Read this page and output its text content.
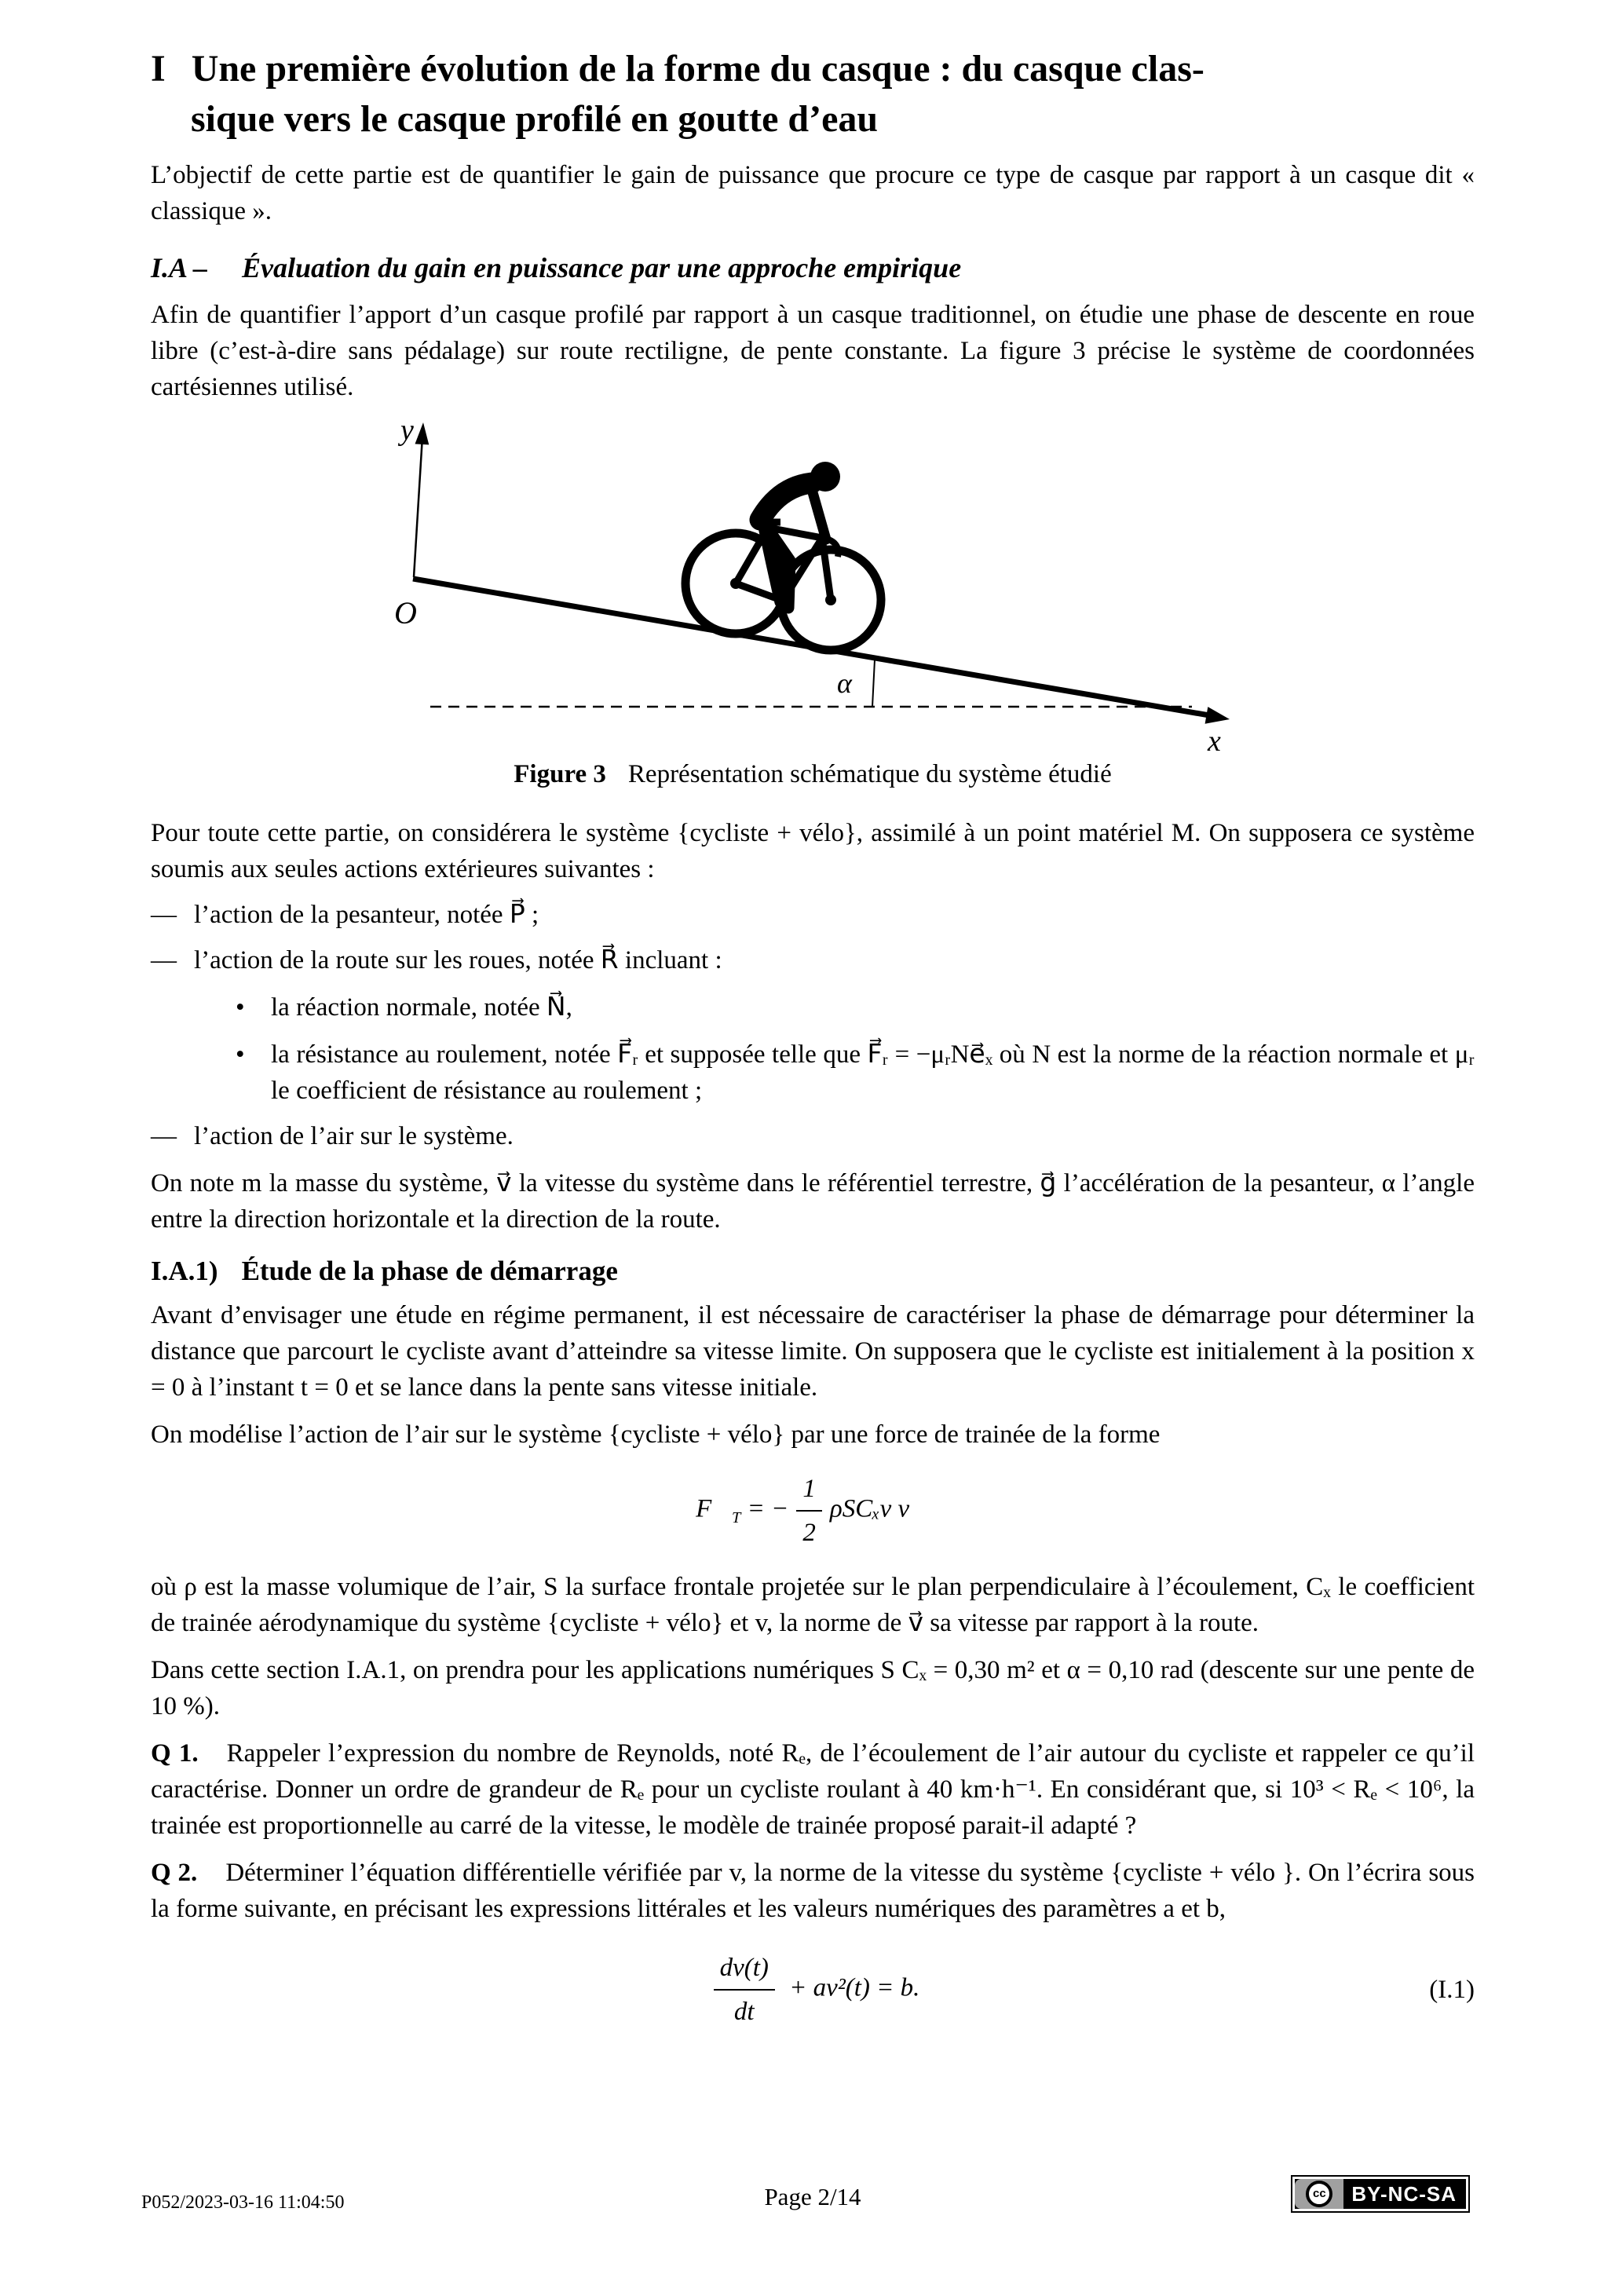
I Une première évolution de la forme du casque : du casque clas-
sique vers le casque profilé en goutte d’eau

L’objectif de cette partie est de quantifier le gain de puissance que procure ce type de casque par rapport à un casque dit « classique ».

I.A – Évaluation du gain en puissance par une approche empirique

Afin de quantifier l’apport d’un casque profilé par rapport à un casque traditionnel, on étudie une phase de descente en roue libre (c’est-à-dire sans pédalage) sur route rectiligne, de pente constante. La figure 3 précise le système de coordonnées cartésiennes utilisé.

y
O
x
α
Figure 3 Représentation schématique du système étudié

Pour toute cette partie, on considérera le système {cycliste + vélo}, assimilé à un point matériel M. On supposera ce système soumis aux seules actions extérieures suivantes :

— l’action de la pesanteur, notée P⃗ ;
— l’action de la route sur les roues, notée R⃗ incluant :
•	la réaction normale, notée N⃗,
•	la résistance au roulement, notée F⃗ᵣ et supposée telle que F⃗ᵣ = −μᵣNe⃗ₓ où N est la norme de la réaction normale et μᵣ le coefficient de résistance au roulement ;
— l’action de l’air sur le système.

On note m la masse du système, v⃗ la vitesse du système dans le référentiel terrestre, g⃗ l’accélération de la pesanteur, α l’angle entre la direction horizontale et la direction de la route.

I.A.1) Étude de la phase de démarrage

Avant d’envisager une étude en régime permanent, il est nécessaire de caractériser la phase de démarrage pour déterminer la distance que parcourt le cycliste avant d’atteindre sa vitesse limite. On supposera que le cycliste est initialement à la position x = 0 à l’instant t = 0 et se lance dans la pente sans vitesse initiale.

On modélise l’action de l’air sur le système {cycliste + vélo} par une force de trainée de la forme

$F⃗_T$ = − $\frac{1}{2}$ ρSCₓv v⃗

où ρ est la masse volumique de l’air, S la surface frontale projetée sur le plan perpendiculaire à l’écoulement, Cₓ le coefficient de trainée aérodynamique du système {cycliste + vélo} et v, la norme de v⃗ sa vitesse par rapport à la route.

Dans cette section I.A.1, on prendra pour les applications numériques S Cₓ = 0,30 m² et α = 0,10 rad (descente sur une pente de 10 %).

Q 1. Rappeler l’expression du nombre de Reynolds, noté Rₑ, de l’écoulement de l’air autour du cycliste et rappeler ce qu’il caractérise. Donner un ordre de grandeur de Rₑ pour un cycliste roulant à 40 km·h⁻¹. En considérant que, si 10³ < Rₑ < 10⁶, la trainée est proportionnelle au carré de la vitesse, le modèle de trainée proposé parait-il adapté ?

Q 2. Déterminer l’équation différentielle vérifiée par v, la norme de la vitesse du système {cycliste + vélo }. On l’écrira sous la forme suivante, en précisant les expressions littérales et les valeurs numériques des paramètres a et b,

$\frac{dv(t)}{dt} + av^2(t) = b$.	(I.1)
P052/2023-03-16 11:04:50	Page 2/14	cc	BY-NC-SA
